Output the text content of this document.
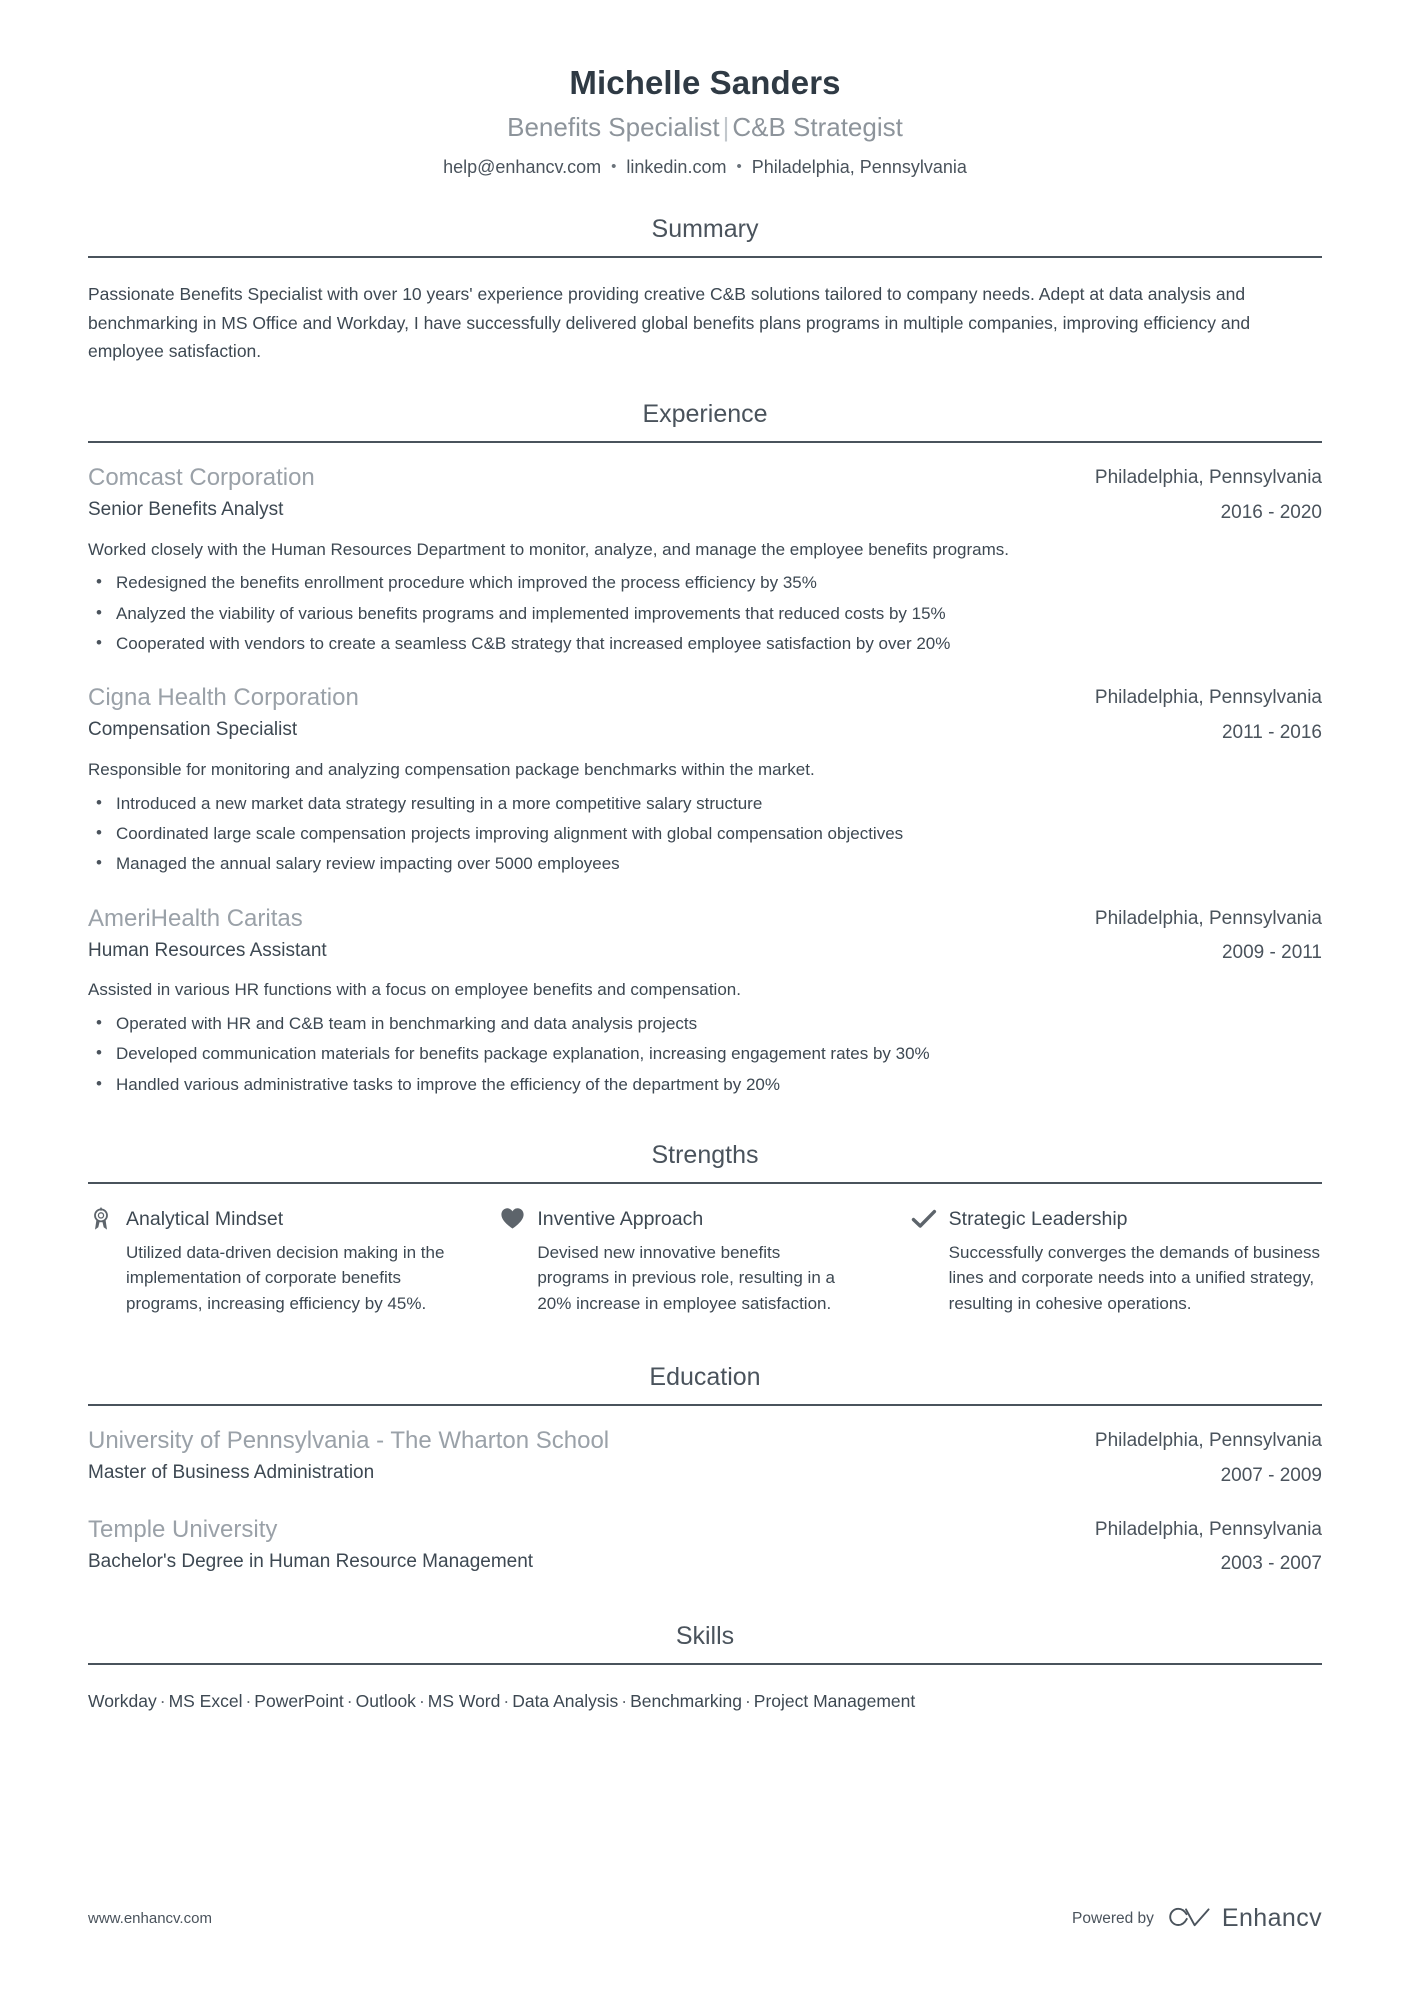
Michelle Sanders
Benefits Specialist | C&B Strategist
help@enhancv.com • linkedin.com • Philadelphia, Pennsylvania
Summary
Passionate Benefits Specialist with over 10 years' experience providing creative C&B solutions tailored to company needs. Adept at data analysis and benchmarking in MS Office and Workday, I have successfully delivered global benefits plans programs in multiple companies, improving efficiency and employee satisfaction.
Experience
Comcast Corporation
Senior Benefits Analyst
Worked closely with the Human Resources Department to monitor, analyze, and manage the employee benefits programs.
• Redesigned the benefits enrollment procedure which improved the process efficiency by 35%
• Analyzed the viability of various benefits programs and implemented improvements that reduced costs by 15%
• Cooperated with vendors to create a seamless C&B strategy that increased employee satisfaction by over 20%
Philadelphia, Pennsylvania
2016 - 2020
Cigna Health Corporation
Compensation Specialist
Responsible for monitoring and analyzing compensation package benchmarks within the market.
• Introduced a new market data strategy resulting in a more competitive salary structure
• Coordinated large scale compensation projects improving alignment with global compensation objectives
• Managed the annual salary review impacting over 5000 employees
Philadelphia, Pennsylvania
2011 - 2016
AmeriHealth Caritas
Human Resources Assistant
Assisted in various HR functions with a focus on employee benefits and compensation.
• Operated with HR and C&B team in benchmarking and data analysis projects
• Developed communication materials for benefits package explanation, increasing engagement rates by 30%
• Handled various administrative tasks to improve the efficiency of the department by 20%
Philadelphia, Pennsylvania
2009 - 2011
Strengths
Analytical Mindset
Utilized data-driven decision making in the implementation of corporate benefits programs, increasing efficiency by 45%.
Inventive Approach
Devised new innovative benefits programs in previous role, resulting in a 20% increase in employee satisfaction.
Strategic Leadership
Successfully converges the demands of business lines and corporate needs into a unified strategy, resulting in cohesive operations.
Education
University of Pennsylvania - The Wharton School
Master of Business Administration
Philadelphia, Pennsylvania
2007 - 2009
Temple University
Bachelor's Degree in Human Resource Management
Philadelphia, Pennsylvania
2003 - 2007
Skills
Workday · MS Excel · PowerPoint · Outlook · MS Word · Data Analysis · Benchmarking · Project Management
www.enhancv.com	Powered by	Enhancv
